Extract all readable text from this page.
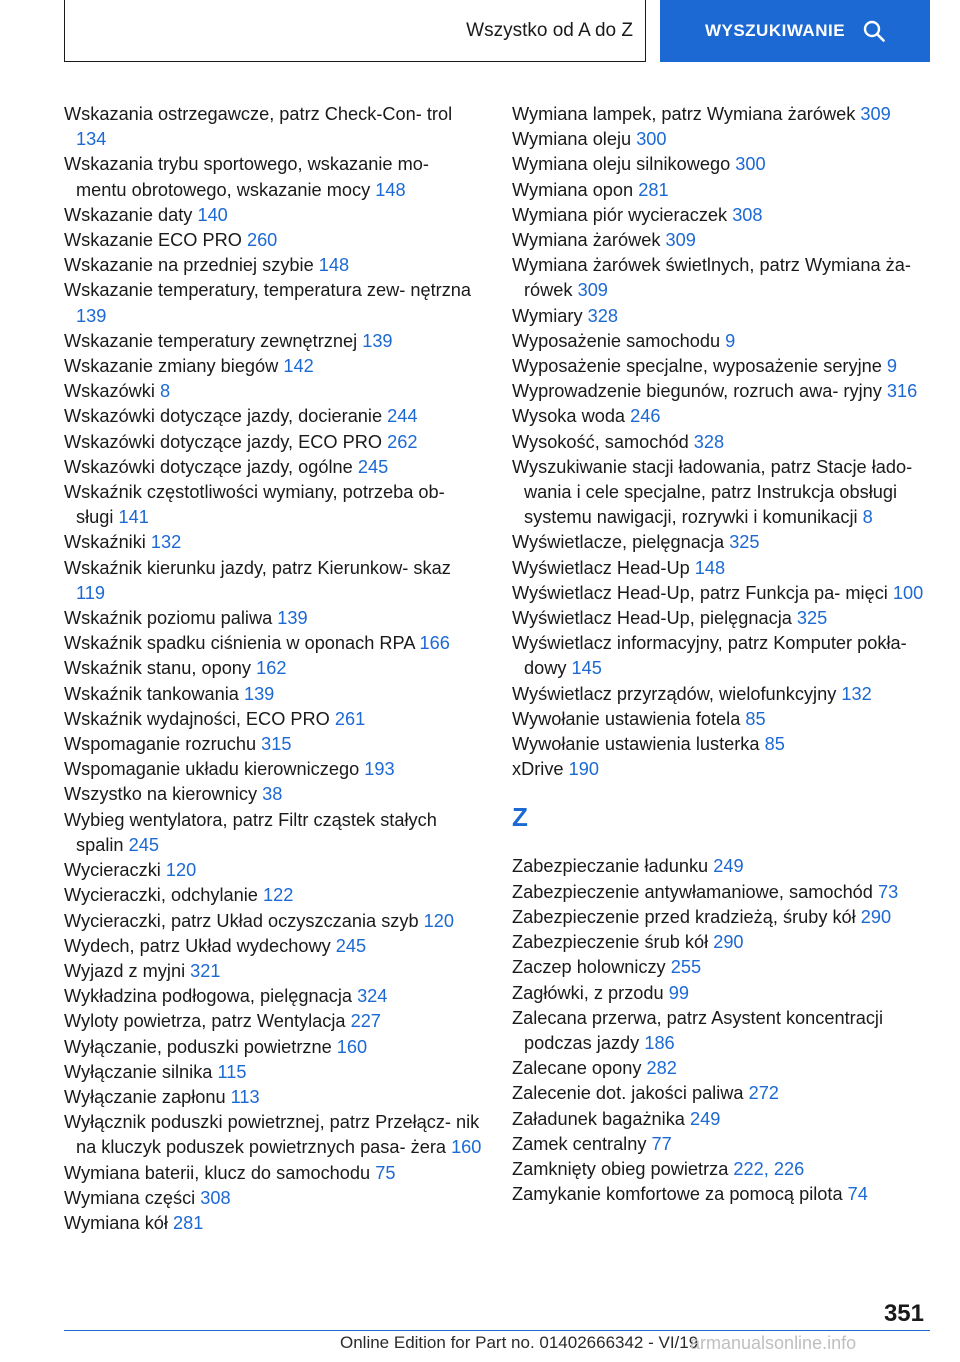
Wszystko od A do Z	WYSZUKIWANIE
Wskazania ostrzegawcze, patrz Check-Con‐ trol 134
Wskazania trybu sportowego, wskazanie mo‐ mentu obrotowego, wskazanie mocy 148
Wskazanie daty 140
Wskazanie ECO PRO 260
Wskazanie na przedniej szybie 148
Wskazanie temperatury, temperatura zew‐ nętrzna 139
Wskazanie temperatury zewnętrznej 139
Wskazanie zmiany biegów 142
Wskazówki 8
Wskazówki dotyczące jazdy, docieranie 244
Wskazówki dotyczące jazdy, ECO PRO 262
Wskazówki dotyczące jazdy, ogólne 245
Wskaźnik częstotliwości wymiany, potrzeba ob‐ sługi 141
Wskaźniki 132
Wskaźnik kierunku jazdy, patrz Kierunkow‐ skaz 119
Wskaźnik poziomu paliwa 139
Wskaźnik spadku ciśnienia w oponach RPA 166
Wskaźnik stanu, opony 162
Wskaźnik tankowania 139
Wskaźnik wydajności, ECO PRO 261
Wspomaganie rozruchu 315
Wspomaganie układu kierowniczego 193
Wszystko na kierownicy 38
Wybieg wentylatora, patrz Filtr cząstek stałych spalin 245
Wycieraczki 120
Wycieraczki, odchylanie 122
Wycieraczki, patrz Układ oczyszczania szyb 120
Wydech, patrz Układ wydechowy 245
Wyjazd z myjni 321
Wykładzina podłogowa, pielęgnacja 324
Wyloty powietrza, patrz Wentylacja 227
Wyłączanie, poduszki powietrzne 160
Wyłączanie silnika 115
Wyłączanie zapłonu 113
Wyłącznik poduszki powietrznej, patrz Przełącz‐ nik na kluczyk poduszek powietrznych pasa‐ żera 160
Wymiana baterii, klucz do samochodu 75
Wymiana części 308
Wymiana kół 281
Wymiana lampek, patrz Wymiana żarówek 309
Wymiana oleju 300
Wymiana oleju silnikowego 300
Wymiana opon 281
Wymiana piór wycieraczek 308
Wymiana żarówek 309
Wymiana żarówek świetlnych, patrz Wymiana ża‐ rówek 309
Wymiary 328
Wyposażenie samochodu 9
Wyposażenie specjalne, wyposażenie seryjne 9
Wyprowadzenie biegunów, rozruch awa‐ ryjny 316
Wysoka woda 246
Wysokość, samochód 328
Wyszukiwanie stacji ładowania, patrz Stacje łado‐ wania i cele specjalne, patrz Instrukcja obsługi systemu nawigacji, rozrywki i komunikacji 8
Wyświetlacze, pielęgnacja 325
Wyświetlacz Head-Up 148
Wyświetlacz Head-Up, patrz Funkcja pa‐ mięci 100
Wyświetlacz Head-Up, pielęgnacja 325
Wyświetlacz informacyjny, patrz Komputer pokła‐ dowy 145
Wyświetlacz przyrządów, wielofunkcyjny 132
Wywołanie ustawienia fotela 85
Wywołanie ustawienia lusterka 85
xDrive 190
Z
Zabezpieczanie ładunku 249
Zabezpieczenie antywłamaniowe, samochód 73
Zabezpieczenie przed kradzieżą, śruby kół 290
Zabezpieczenie śrub kół 290
Zaczep holowniczy 255
Zagłówki, z przodu 99
Zalecana przerwa, patrz Asystent koncentracji podczas jazdy 186
Zalecane opony 282
Zalecenie dot. jakości paliwa 272
Załadunek bagażnika 249
Zamek centralny 77
Zamknięty obieg powietrza 222, 226
Zamykanie komfortowe za pomocą pilota 74
351
Online Edition for Part no. 01402666342 - VI/19
armanualsonline.info
